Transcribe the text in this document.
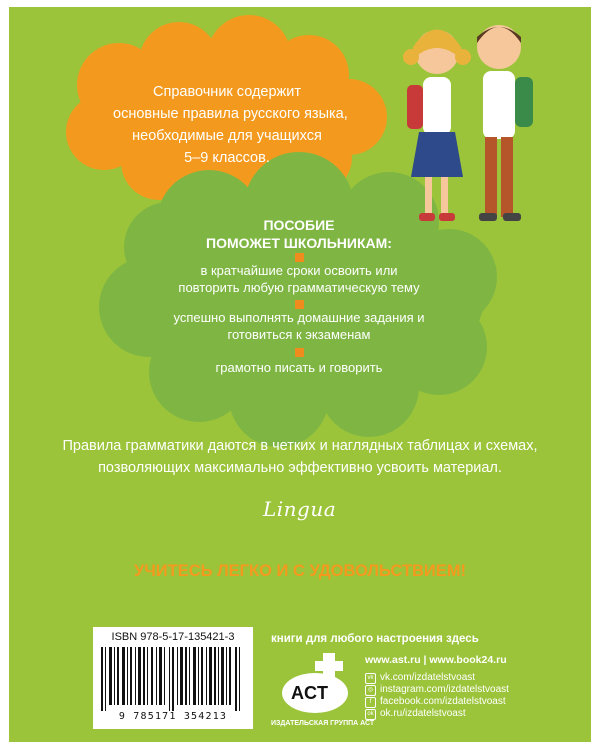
Справочник содержит
основные правила русского языка,
необходимые для учащихся
5–9 классов.
ПОСОБИЕ
ПОМОЖЕТ ШКОЛЬНИКАМ:
в кратчайшие сроки освоить или повторить любую грамматическую тему
успешно выполнять домашние задания и готовиться к экзаменам
грамотно писать и говорить
Правила грамматики даются в четких и наглядных таблицах и схемах,
позволяющих максимально эффективно усвоить материал.
Lingua
УЧИТЕСЬ ЛЕГКО И С УДОВОЛЬСТВИЕМ!
ISBN 978-5-17-135421-3
9 785171 354213
книги для любого настроения здесь
ACT
ИЗДАТЕЛЬСКАЯ ГРУППА АСТ
www.ast.ru | www.book24.ru
vk vk.com/izdatelstvoast
◎ instagram.com/izdatelstvoast
f facebook.com/izdatelstvoast
ok ok.ru/izdatelstvoast
